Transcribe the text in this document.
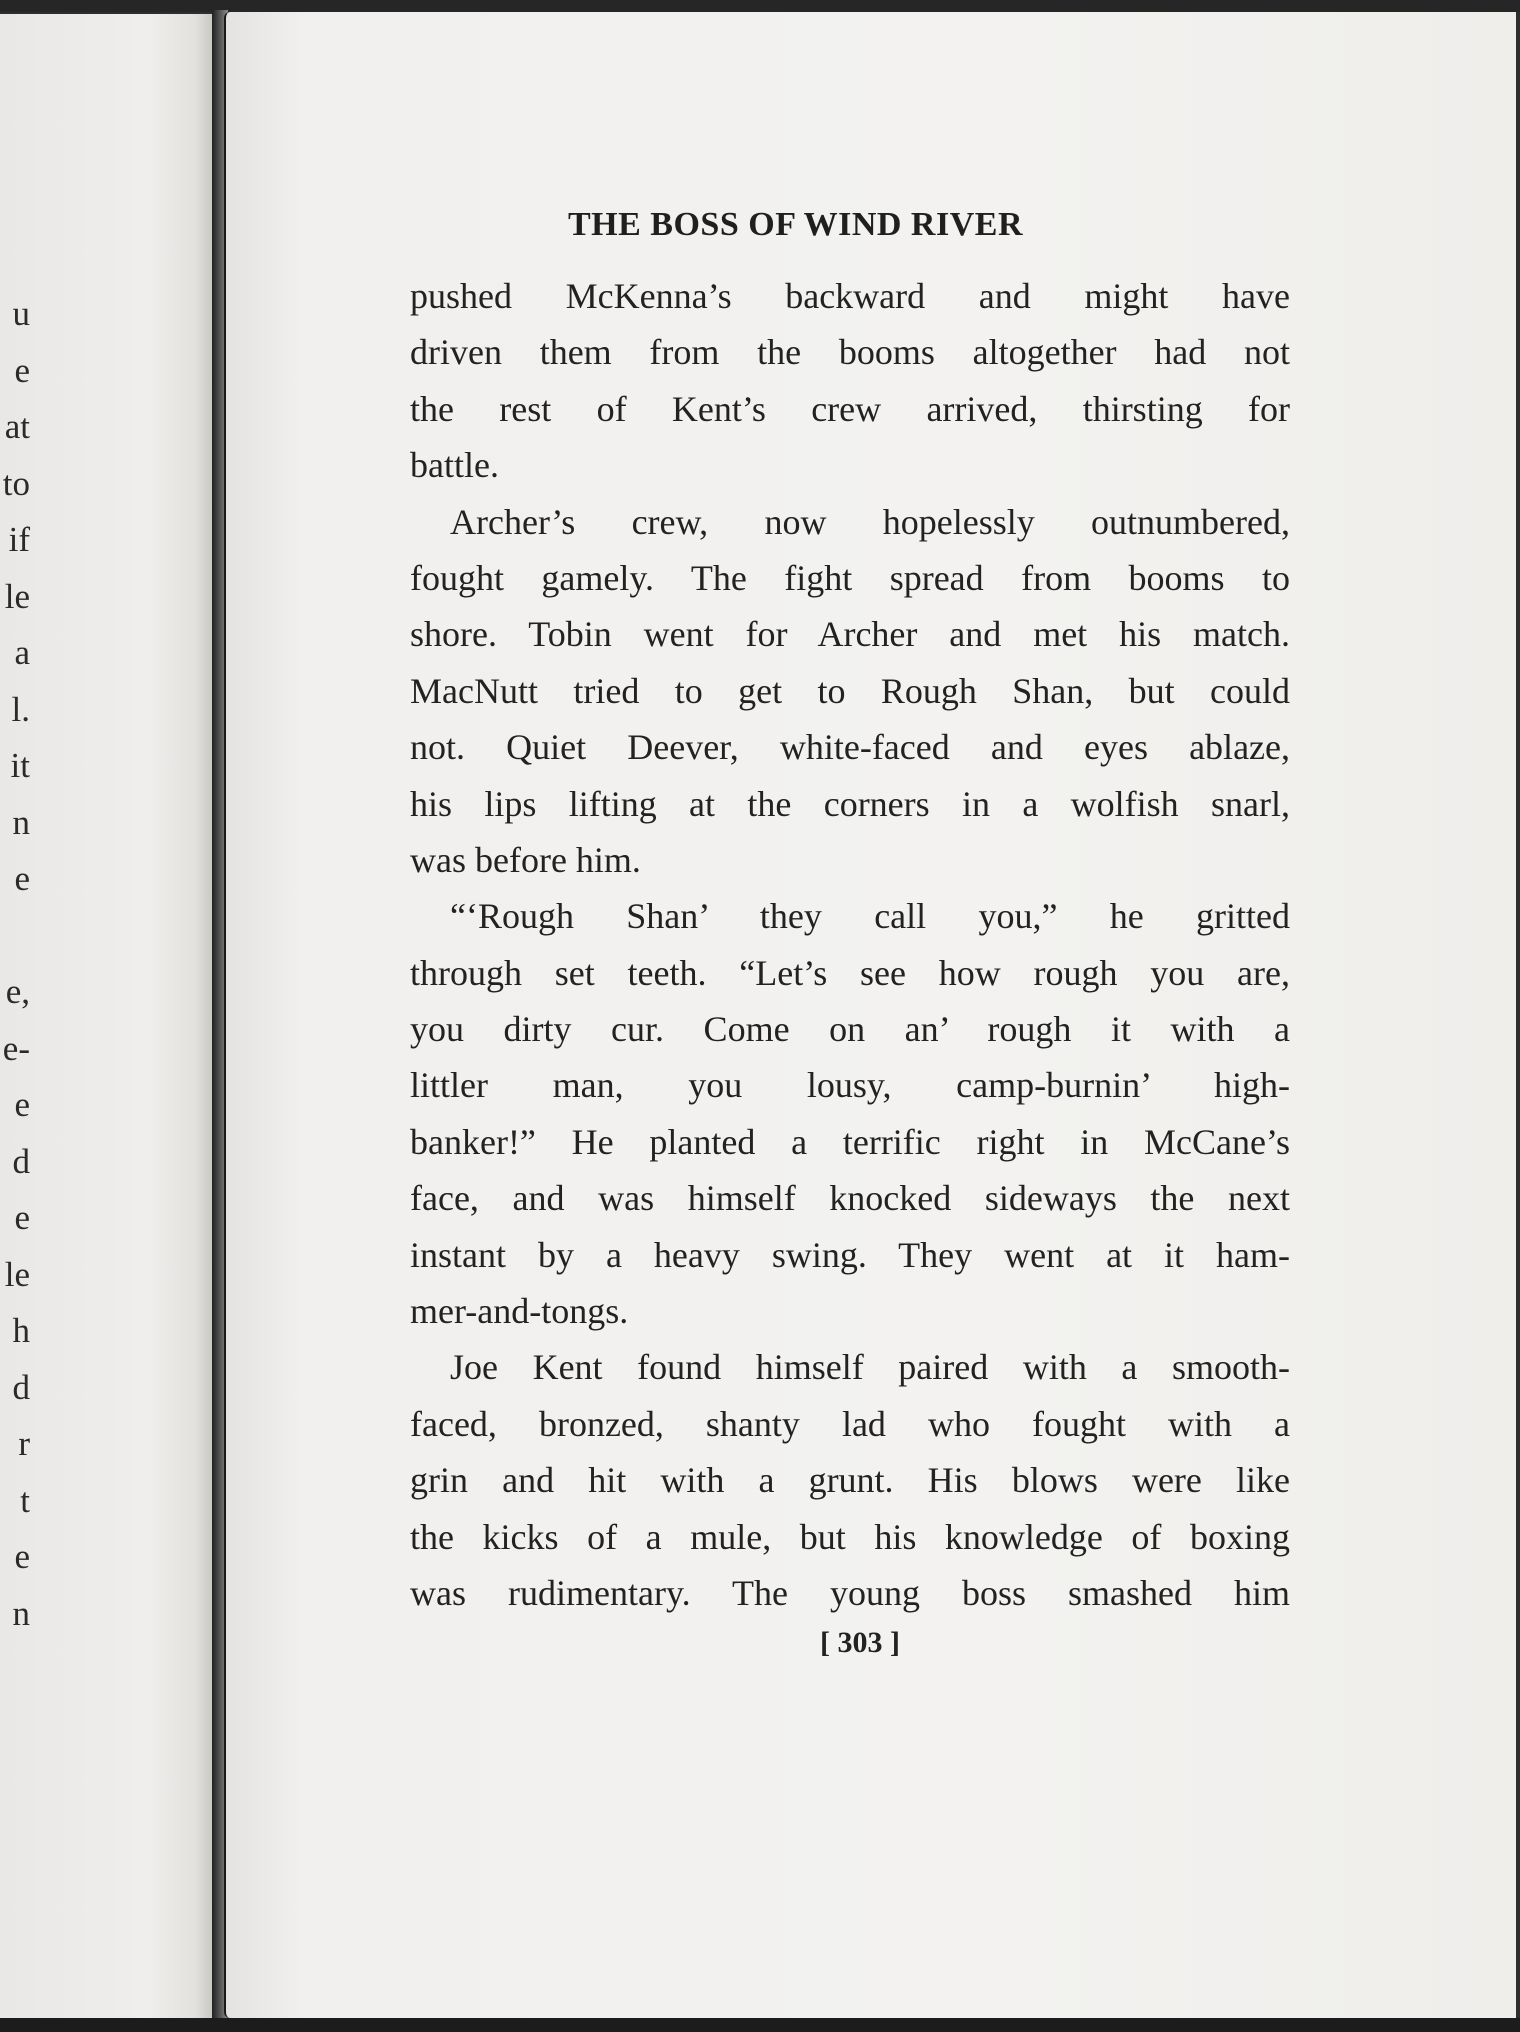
u
e
at
to
if
le
a
l.
it
n
e
e,
e-
e
d
e
le
h
d
r
t
e
n
THE BOSS OF WIND RIVER
pushed McKenna’s backward and might have
driven them from the booms altogether had not
the rest of Kent’s crew arrived, thirsting for
battle.
Archer’s crew, now hopelessly outnumbered,
fought gamely. The fight spread from booms to
shore. Tobin went for Archer and met his match.
MacNutt tried to get to Rough Shan, but could
not. Quiet Deever, white-faced and eyes ablaze,
his lips lifting at the corners in a wolfish snarl,
was before him.
“‘Rough Shan’ they call you,” he gritted
through set teeth. “Let’s see how rough you are,
you dirty cur. Come on an’ rough it with a
littler man, you lousy, camp-burnin’ high-
banker!” He planted a terrific right in McCane’s
face, and was himself knocked sideways the next
instant by a heavy swing. They went at it ham-
mer-and-tongs.
Joe Kent found himself paired with a smooth-
faced, bronzed, shanty lad who fought with a
grin and hit with a grunt. His blows were like
the kicks of a mule, but his knowledge of boxing
was rudimentary. The young boss smashed him
[ 303 ]
